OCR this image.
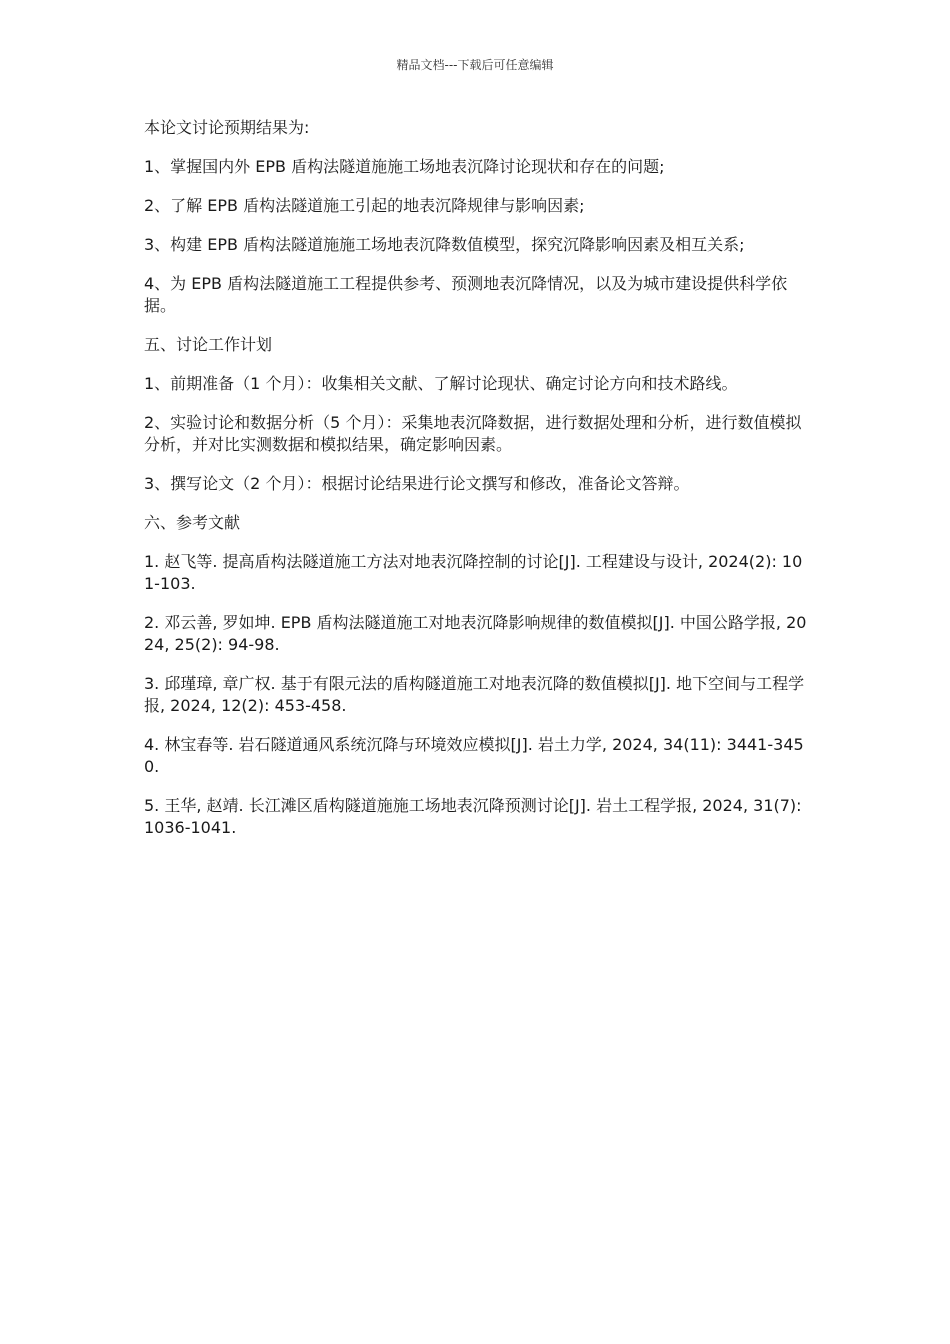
精品文档---下载后可任意编辑

本论文讨论预期结果为:

1、掌握国内外 EPB 盾构法隧道施施工场地表沉降讨论现状和存在的问题;

2、了解 EPB 盾构法隧道施工引起的地表沉降规律与影响因素;

3、构建 EPB 盾构法隧道施施工场地表沉降数值模型，探究沉降影响因素及相互关系;

4、为 EPB 盾构法隧道施工工程提供参考、预测地表沉降情况，以及为城市建设提供科学依据。

五、讨论工作计划

1、前期准备（1 个月）：收集相关文献、了解讨论现状、确定讨论方向和技术路线。

2、实验讨论和数据分析（5 个月）：采集地表沉降数据，进行数据处理和分析，进行数值模拟分析，并对比实测数据和模拟结果，确定影响因素。

3、撰写论文（2 个月）：根据讨论结果进行论文撰写和修改，准备论文答辩。

六、参考文献

1. 赵飞等. 提高盾构法隧道施工方法对地表沉降控制的讨论[J]. 工程建设与设计, 2024(2): 101-103.

2. 邓云善, 罗如坤. EPB 盾构法隧道施工对地表沉降影响规律的数值模拟[J]. 中国公路学报, 2024, 25(2): 94-98.

3. 邱瑾璋, 章广权. 基于有限元法的盾构隧道施工对地表沉降的数值模拟[J]. 地下空间与工程学报, 2024, 12(2): 453-458.

4. 林宝春等. 岩石隧道通风系统沉降与环境效应模拟[J]. 岩土力学, 2024, 34(11): 3441-3450.

5. 王华, 赵靖. 长江滩区盾构隧道施施工场地表沉降预测讨论[J]. 岩土工程学报, 2024, 31(7): 1036-1041.
